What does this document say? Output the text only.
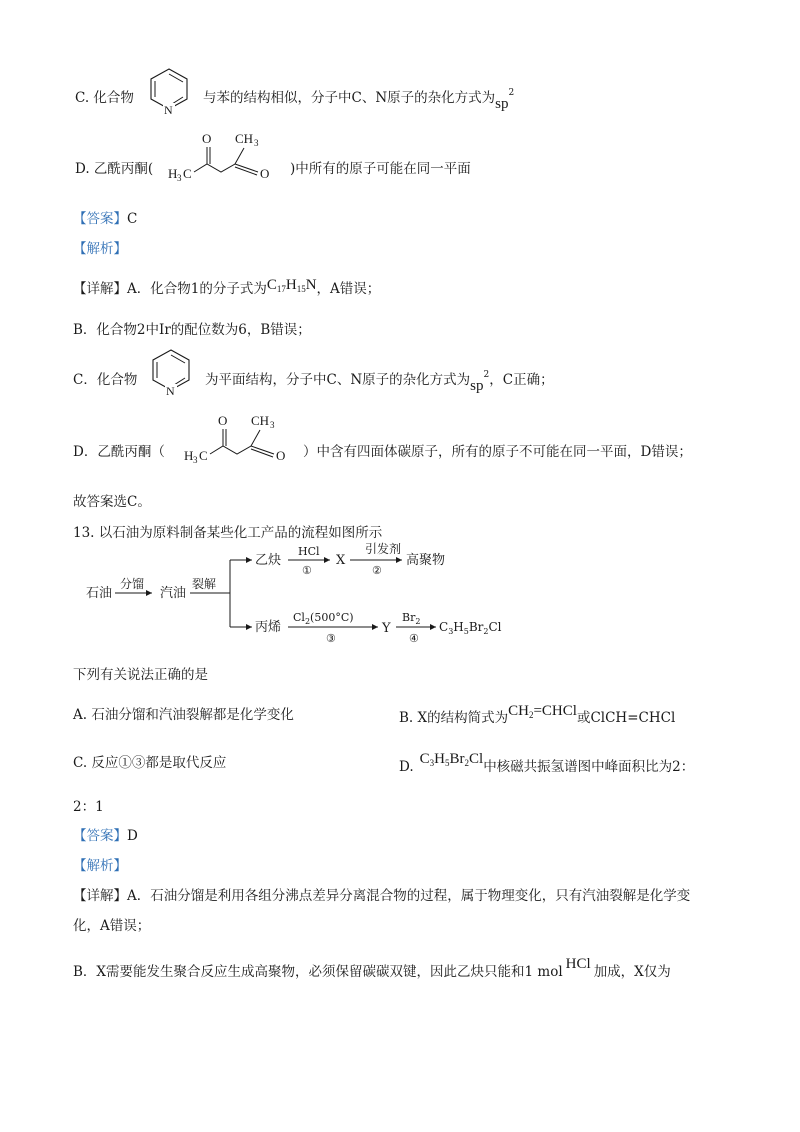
C. 化合物
N
与苯的结构相似，分子中C、N原子的杂化方式为$sp^2$
D. 乙酰丙酮(
O CH 3
H 3 C	O )中所有的原子可能在同一平面
【答案】C
【解析】
【详解】A．化合物1的分子式为$C_{17}H_{15}N$，A错误；
B．化合物2中Ir的配位数为6，B错误；
C．化合物
N
为平面结构，分子中C、N原子的杂化方式为$sp^2$，C正确；
D．乙酰丙酮（
O CH 3
H 3 C	O ）中含有四面体碳原子，所有的原子不可能在同一平面，D错误；
故答案选C。
13. 以石油为原料制备某些化工产品的流程如图所示
石油
分馏
汽油
裂解
乙炔
HCl
①
X
引发剂
②
高聚物
丙烯
$Cl_2(500^\circ C)$
③
Y
$Br_2$
④
$C_3H_5Br_2Cl$
下列有关说法正确的是
A. 石油分馏和汽油裂解都是化学变化	B. X的结构简式为$CH_2=CHCl$或ClCH=CHCl
C. 反应①③都是取代反应	D. $C_3H_5Br_2Cl$中核磁共振氢谱图中峰面积比为2：
2：1
【答案】D
【解析】
【详解】A．石油分馏是利用各组分沸点差异分离混合物的过程，属于物理变化，只有汽油裂解是化学变
化，A错误；
B．X需要能发生聚合反应生成高聚物，必须保留碳碳双键，因此乙炔只能和1 mol HCl 加成，X仅为
